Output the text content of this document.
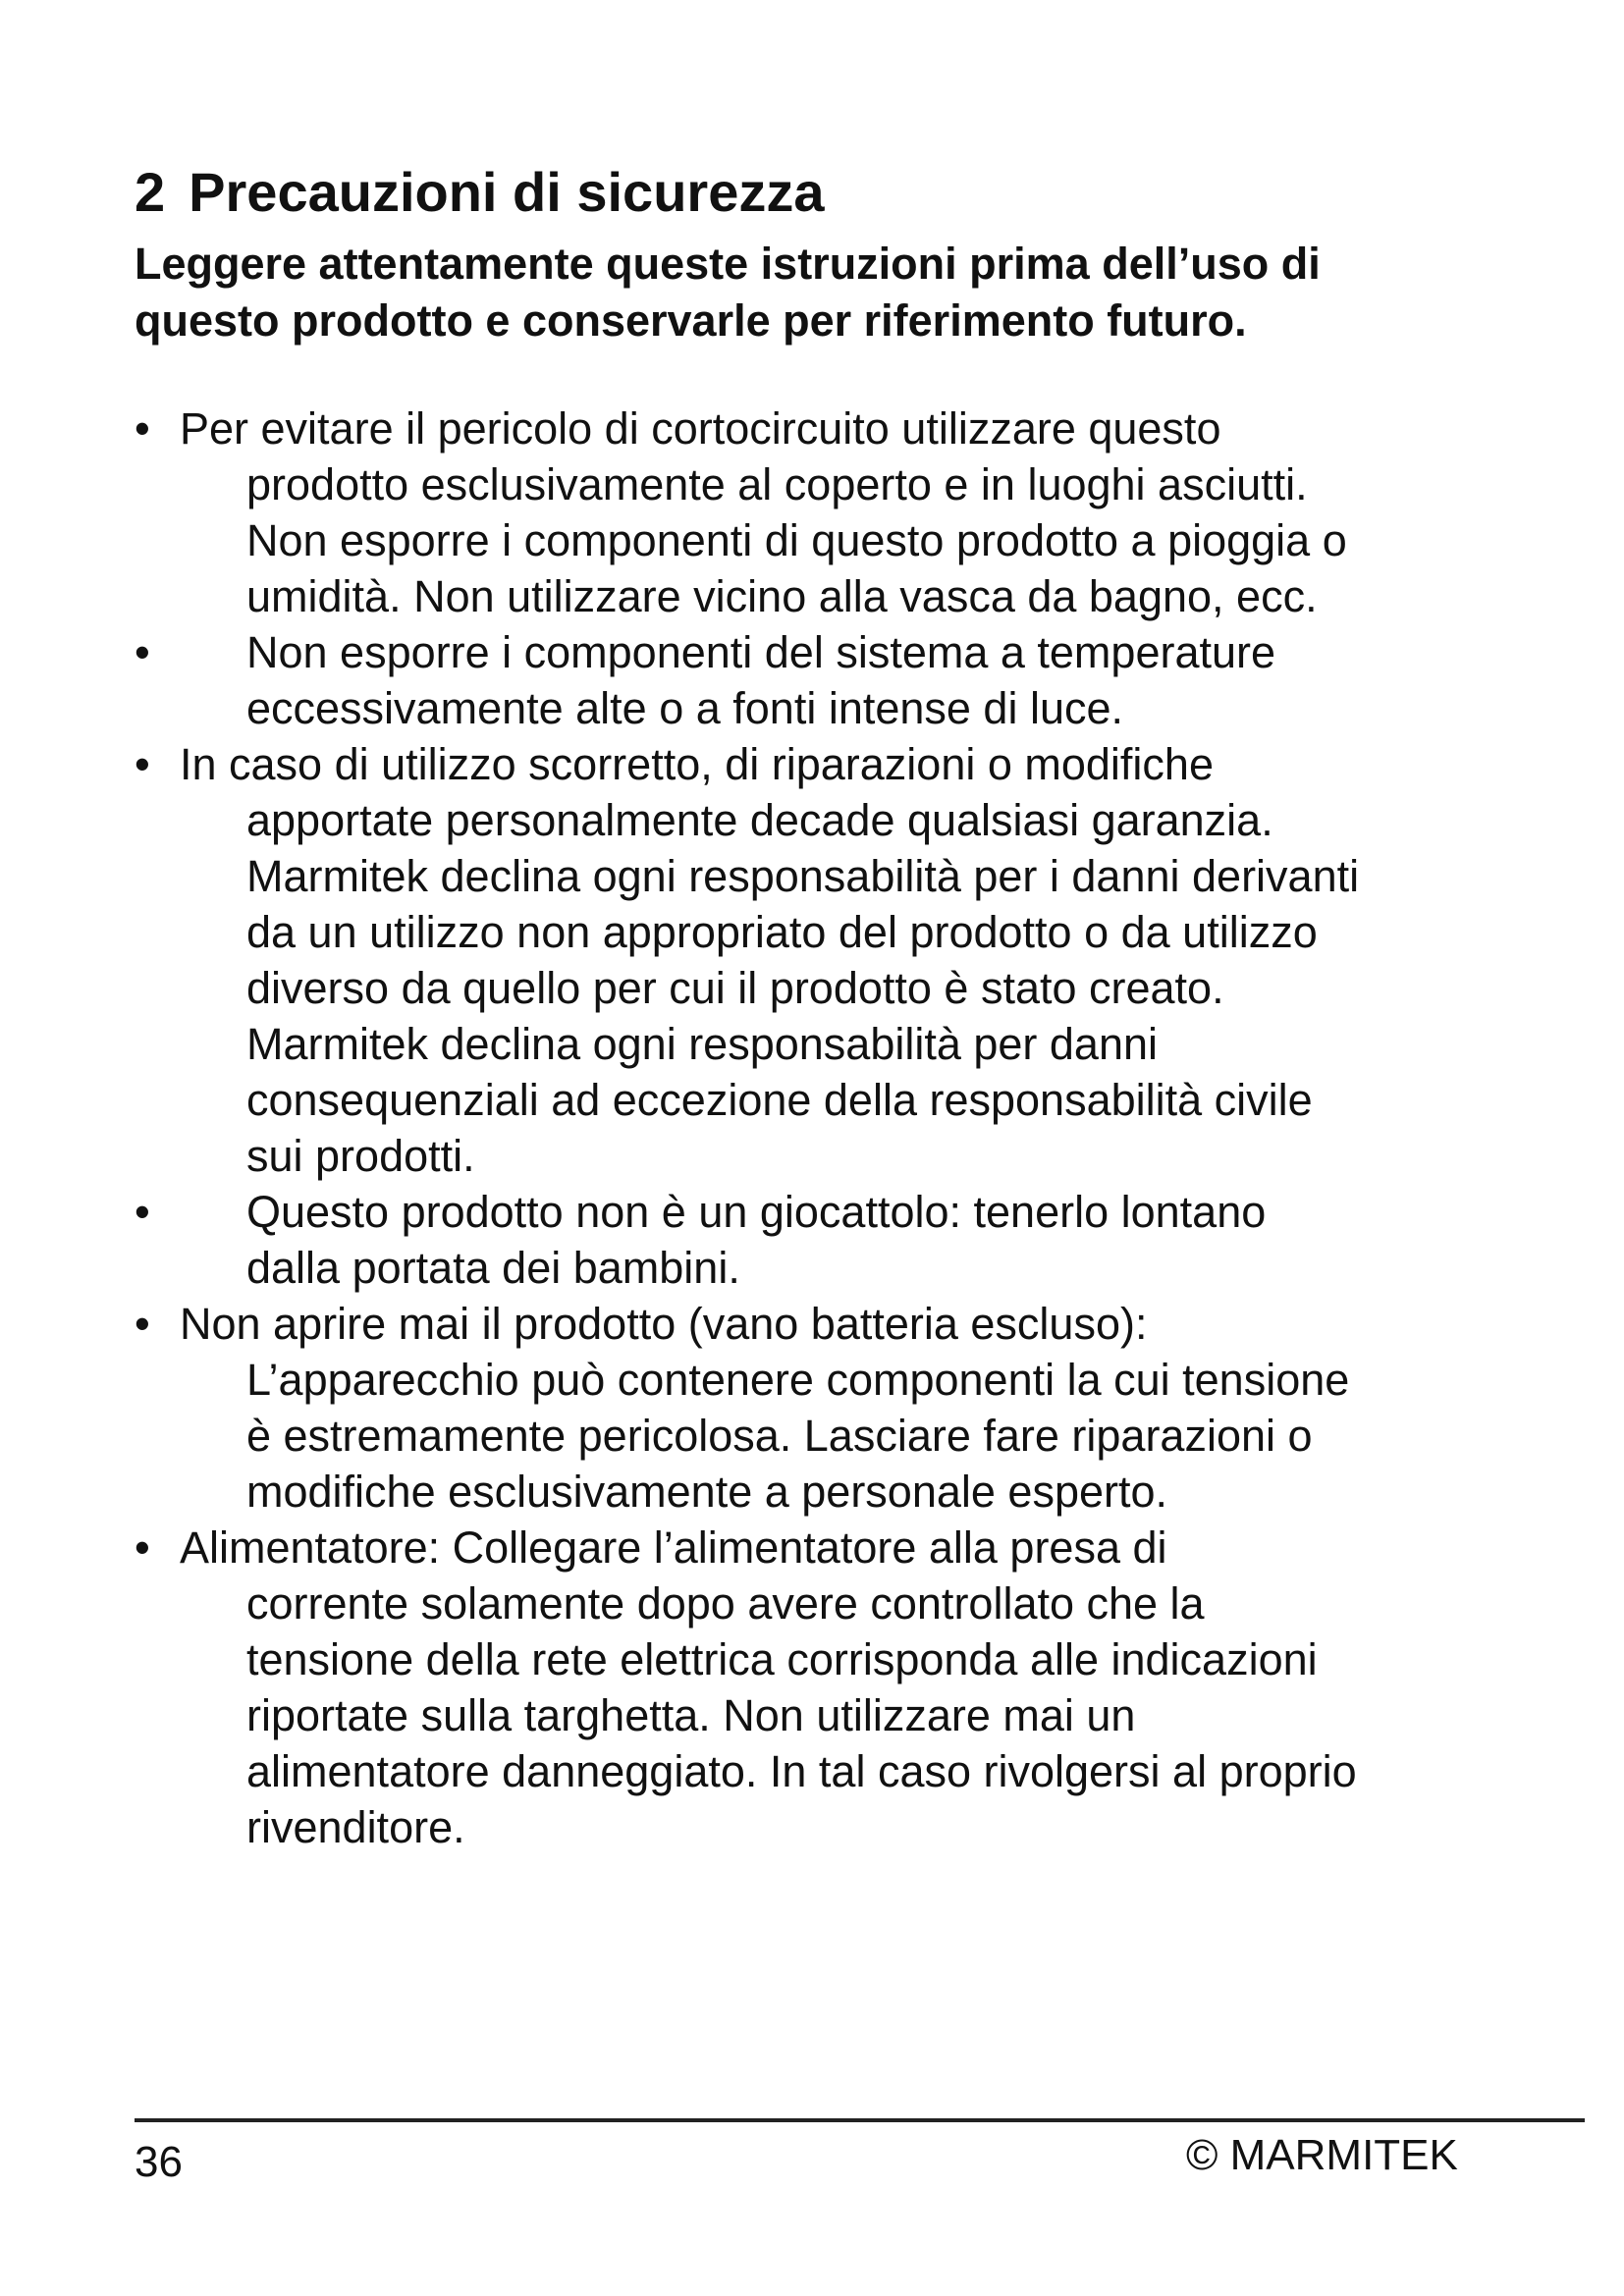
2 Precauzioni di sicurezza

Leggere attentamente queste istruzioni prima dell’uso di
questo prodotto e conservarle per riferimento futuro.

• Per evitare il pericolo di cortocircuito utilizzare questo
prodotto esclusivamente al coperto e in luoghi asciutti.
Non esporre i componenti di questo prodotto a pioggia o
umidità. Non utilizzare vicino alla vasca da bagno, ecc.
•	Non esporre i componenti del sistema a temperature
eccessivamente alte o a fonti intense di luce.
• In caso di utilizzo scorretto, di riparazioni o modifiche
apportate personalmente decade qualsiasi garanzia.
Marmitek declina ogni responsabilità per i danni derivanti
da un utilizzo non appropriato del prodotto o da utilizzo
diverso da quello per cui il prodotto è stato creato.
Marmitek declina ogni responsabilità per danni
consequenziali ad eccezione della responsabilità civile
sui prodotti.
•	Questo prodotto non è un giocattolo: tenerlo lontano
dalla portata dei bambini.
• Non aprire mai il prodotto (vano batteria escluso):
L’apparecchio può contenere componenti la cui tensione
è estremamente pericolosa. Lasciare fare riparazioni o
modifiche esclusivamente a personale esperto.
• Alimentatore: Collegare l’alimentatore alla presa di
corrente solamente dopo avere controllato che la
tensione della rete elettrica corrisponda alle indicazioni
riportate sulla targhetta. Non utilizzare mai un
alimentatore danneggiato. In tal caso rivolgersi al proprio
rivenditore.
36	© MARMITEK
